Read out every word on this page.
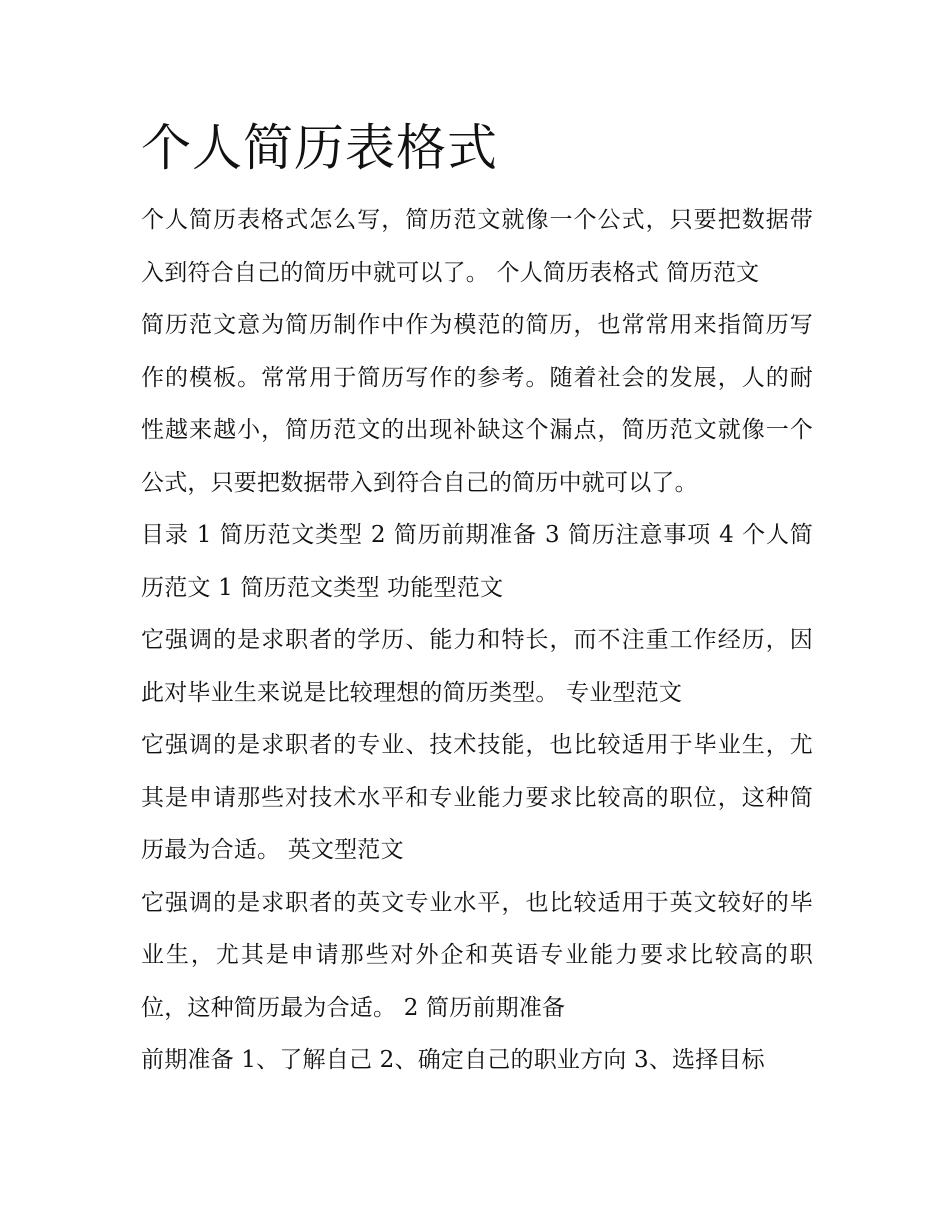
个人简历表格式

个人简历表格式怎么写，简历范文就像一个公式，只要把数据带入到符合自己的简历中就可以了。 个人简历表格式 简历范文

简历范文意为简历制作中作为模范的简历，也常常用来指简历写作的模板。常常用于简历写作的参考。随着社会的发展，人的耐性越来越小，简历范文的出现补缺这个漏点，简历范文就像一个公式，只要把数据带入到符合自己的简历中就可以了。

目录 1 简历范文类型 2 简历前期准备 3 简历注意事项 4 个人简历范文 1 简历范文类型 功能型范文

它强调的是求职者的学历、能力和特长，而不注重工作经历，因此对毕业生来说是比较理想的简历类型。 专业型范文

它强调的是求职者的专业、技术技能，也比较适用于毕业生，尤其是申请那些对技术水平和专业能力要求比较高的职位，这种简历最为合适。 英文型范文

它强调的是求职者的英文专业水平，也比较适用于英文较好的毕业生，尤其是申请那些对外企和英语专业能力要求比较高的职位，这种简历最为合适。 2 简历前期准备

前期准备 1、了解自己 2、确定自己的职业方向 3、选择目标
